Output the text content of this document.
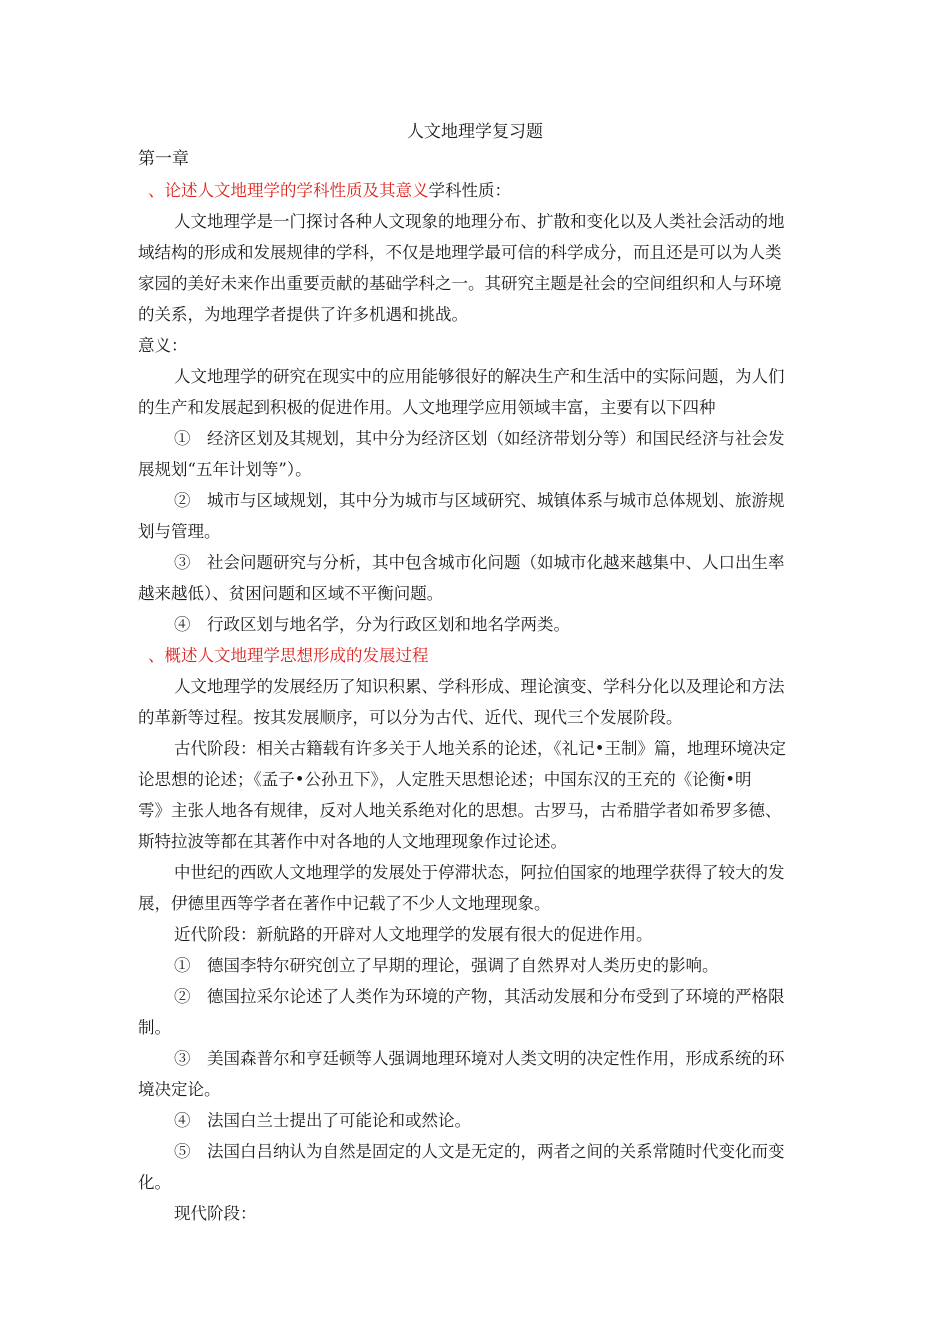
人文地理学复习题
第一章
、论述人文地理学的学科性质及其意义学科性质：
人文地理学是一门探讨各种人文现象的地理分布、扩散和变化以及人类社会活动的地
域结构的形成和发展规律的学科，不仅是地理学最可信的科学成分，而且还是可以为人类
家园的美好未来作出重要贡献的基础学科之一。其研究主题是社会的空间组织和人与环境
的关系，为地理学者提供了许多机遇和挑战。
意义：
人文地理学的研究在现实中的应用能够很好的解决生产和生活中的实际问题，为人们
的生产和发展起到积极的促进作用。人文地理学应用领域丰富，主要有以下四种
①　经济区划及其规划，其中分为经济区划（如经济带划分等）和国民经济与社会发
展规划“五年计划等”）。
②　城市与区域规划，其中分为城市与区域研究、城镇体系与城市总体规划、旅游规
划与管理。
③　社会问题研究与分析，其中包含城市化问题（如城市化越来越集中、人口出生率
越来越低）、贫困问题和区域不平衡问题。
④　行政区划与地名学，分为行政区划和地名学两类。
、概述人文地理学思想形成的发展过程
人文地理学的发展经历了知识积累、学科形成、理论演变、学科分化以及理论和方法
的革新等过程。按其发展顺序，可以分为古代、近代、现代三个发展阶段。
古代阶段：相关古籍载有许多关于人地关系的论述，《礼记•王制》篇，地理环境决定
论思想的论述；《孟子•公孙丑下》，人定胜天思想论述；中国东汉的王充的《论衡•明
雩》主张人地各有规律，反对人地关系绝对化的思想。古罗马，古希腊学者如希罗多德、
斯特拉波等都在其著作中对各地的人文地理现象作过论述。
中世纪的西欧人文地理学的发展处于停滞状态，阿拉伯国家的地理学获得了较大的发
展，伊德里西等学者在著作中记载了不少人文地理现象。
近代阶段：新航路的开辟对人文地理学的发展有很大的促进作用。
①　德国李特尔研究创立了早期的理论，强调了自然界对人类历史的影响。
②　德国拉采尔论述了人类作为环境的产物，其活动发展和分布受到了环境的严格限
制。
③　美国森普尔和亨廷顿等人强调地理环境对人类文明的决定性作用，形成系统的环
境决定论。
④　法国白兰士提出了可能论和或然论。
⑤　法国白吕纳认为自然是固定的人文是无定的，两者之间的关系常随时代变化而变
化。
现代阶段：
